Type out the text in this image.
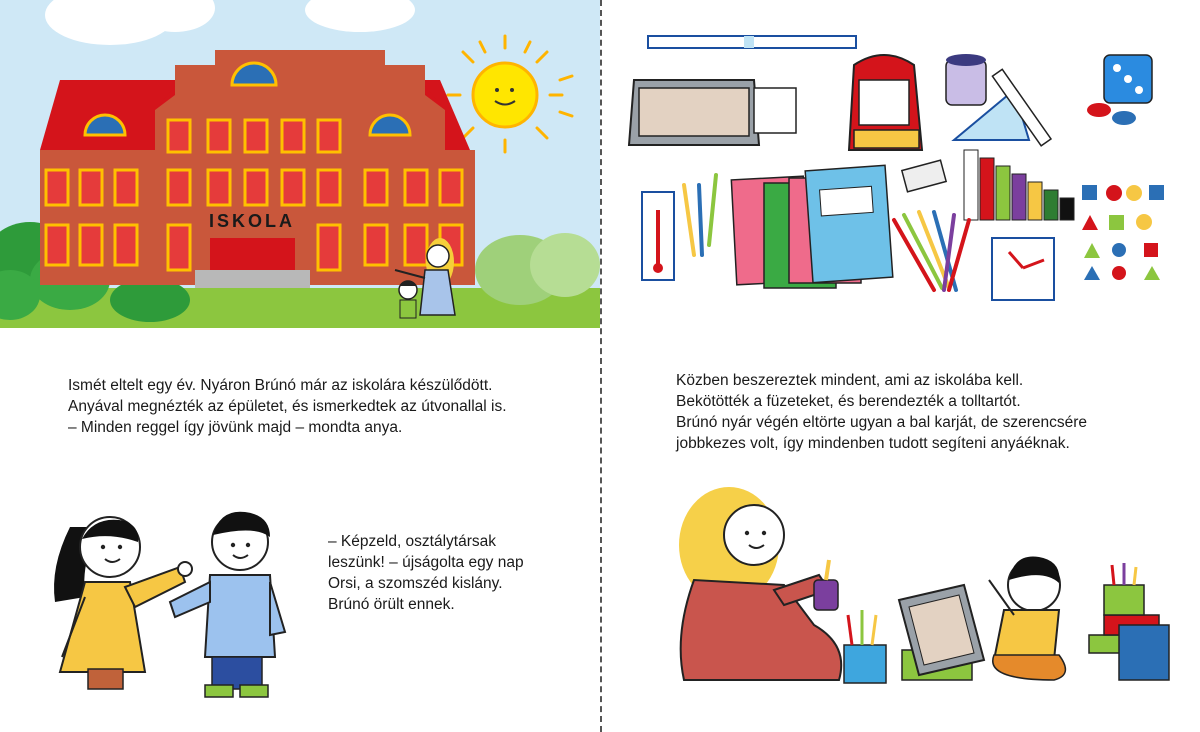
ISKOLA

Ismét eltelt egy év. Nyáron Brúnó már az iskolára készülődött.

Anyával megnézték az épületet, és ismerkedtek az útvonallal is.

– Minden reggel így jövünk majd – mondta anya.

– Képzeld, osztálytársak

leszünk! – újságolta egy nap

Orsi, a szomszéd kislány.

Brúnó örült ennek.

Közben beszereztek mindent, ami az iskolába kell.

Bekötötték a füzeteket, és berendezték a tolltartót.

Brúnó nyár végén eltörte ugyan a bal karját, de szerencsére

jobbkezes volt, így mindenben tudott segíteni anyáéknak.
